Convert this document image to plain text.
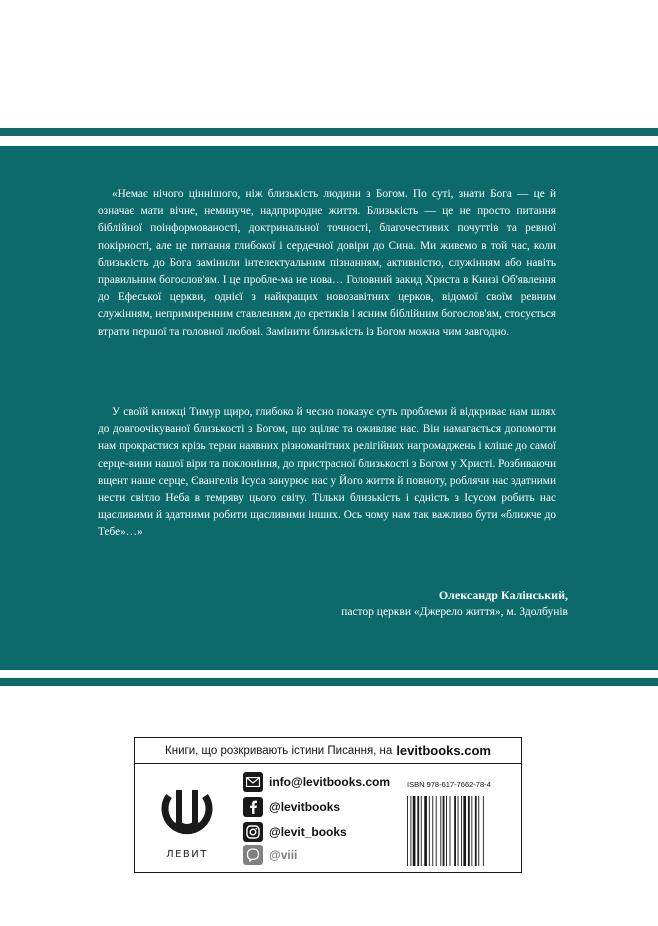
«Немає нічого ціннішого, ніж близькість людини з Богом. По суті, знати Бога — це й означає мати вічне, неминуче, надприродне життя. Близькість — це не просто питання біблійної поінформованості, доктринальної точності, благочестивих почуттів та ревної покірності, але це питання глибокої і сердечної довіри до Сина. Ми живемо в той час, коли близькість до Бога замінили інтелектуальним пізнанням, активністю, служінням або навіть правильним богослов'ям. І це пробле-ма не нова… Головний закид Христа в Книзі Об'явлення до Ефеської церкви, однієї з найкращих новозавітних церков, відомої своїм ревним служінням, непримиренним ставленням до єретиків і ясним біблійним богослов'ям, стосується втрати першої та головної любові. Замінити близькість із Богом можна чим завгодно.

У своїй книжці Тимур щиро, глибоко й чесно показує суть проблеми й відкриває нам шлях до довгоочікуваної близькості з Богом, що зціляє та оживляє нас. Він намагається допомогти нам прокрастися крізь терни наявних різноманітних релігійних нагромаджень і кліше до самої серце-вини нашої віри та поклоніння, до пристрасної близькості з Богом у Христі. Розбиваючи вщент наше серце, Євангелія Ісуса занурює нас у Його життя й повноту, роблячи нас здатними нести світло Неба в темряву цього світу. Тільки близькість і єдність з Ісусом робить нас щасливими й здатними робити щасливими інших. Ось чому нам так важливо бути «ближче до Тебе»…»

Олександр Калінський,
пастор церкви «Джерело життя», м. Здолбунів
Книги, що розкривають істини Писання, на levitbooks.com
ЛЕВИТ
info@levitbooks.com
@levitbooks
@levit_books
@viii
ISBN 978-617-7662-78-4
